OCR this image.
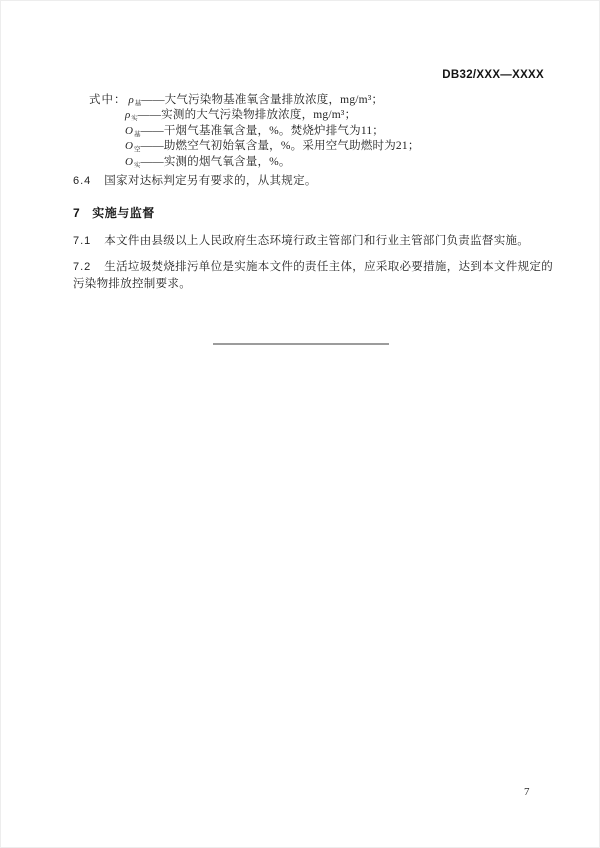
DB32/XXX—XXXX
式中： ρ基——大气污染物基准氧含量排放浓度，mg/m³；
ρ实——实测的大气污染物排放浓度，mg/m³；
O基——干烟气基准氧含量，%。焚烧炉排气为11；
O空——助燃空气初始氧含量，%。采用空气助燃时为21；
O实——实测的烟气氧含量，%。

6.4 国家对达标判定另有要求的，从其规定。

7 实施与监督

7.1 本文件由县级以上人民政府生态环境行政主管部门和行业主管部门负责监督实施。

7.2 生活垃圾焚烧排污单位是实施本文件的责任主体，应采取必要措施，达到本文件规定的污染物排放控制要求。

7
